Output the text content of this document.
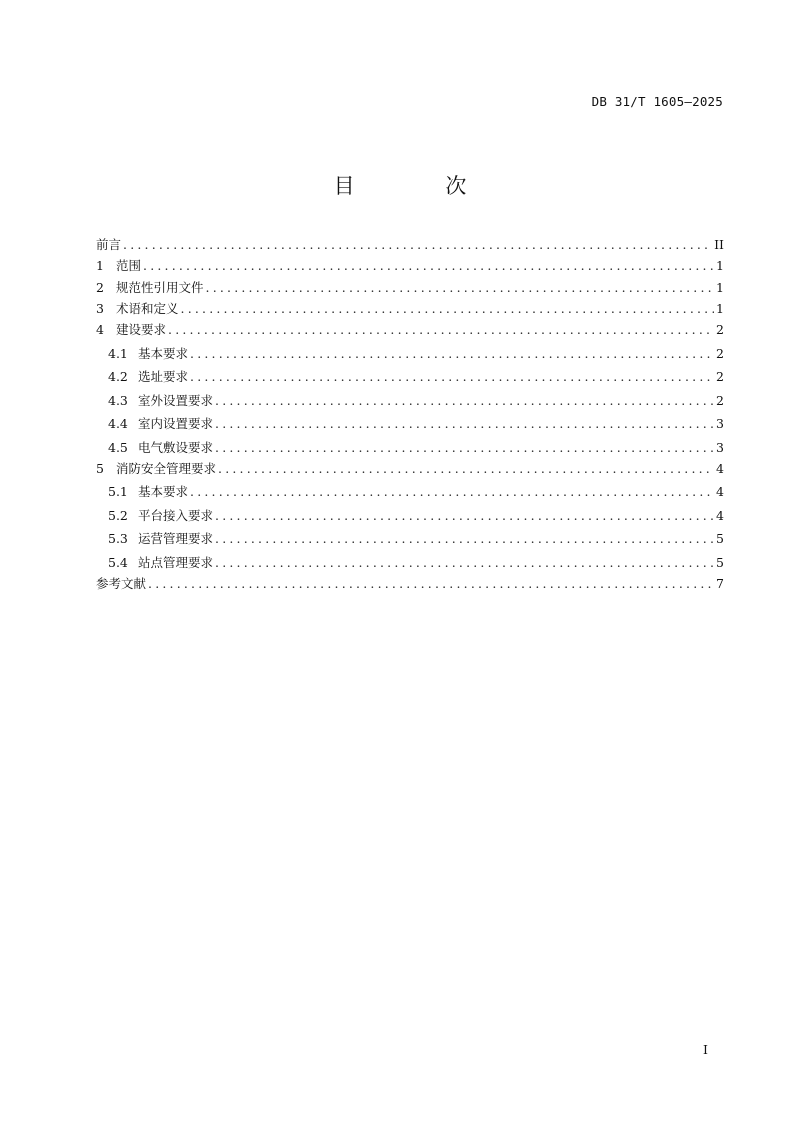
DB 31/T 1605—2025
目 次
前言 .....	II
1 范围 .....	1
2 规范性引用文件 .....	1
3 术语和定义 .....	1
4 建设要求 .....	2
4.1 基本要求 .....	2
4.2 选址要求 .....	2
4.3 室外设置要求 .....	2
4.4 室内设置要求 .....	3
4.5 电气敷设要求 .....	3
5 消防安全管理要求 .....	4
5.1 基本要求 .....	4
5.2 平台接入要求 .....	4
5.3 运营管理要求 .....	5
5.4 站点管理要求 .....	5
参考文献 .....	7
I
